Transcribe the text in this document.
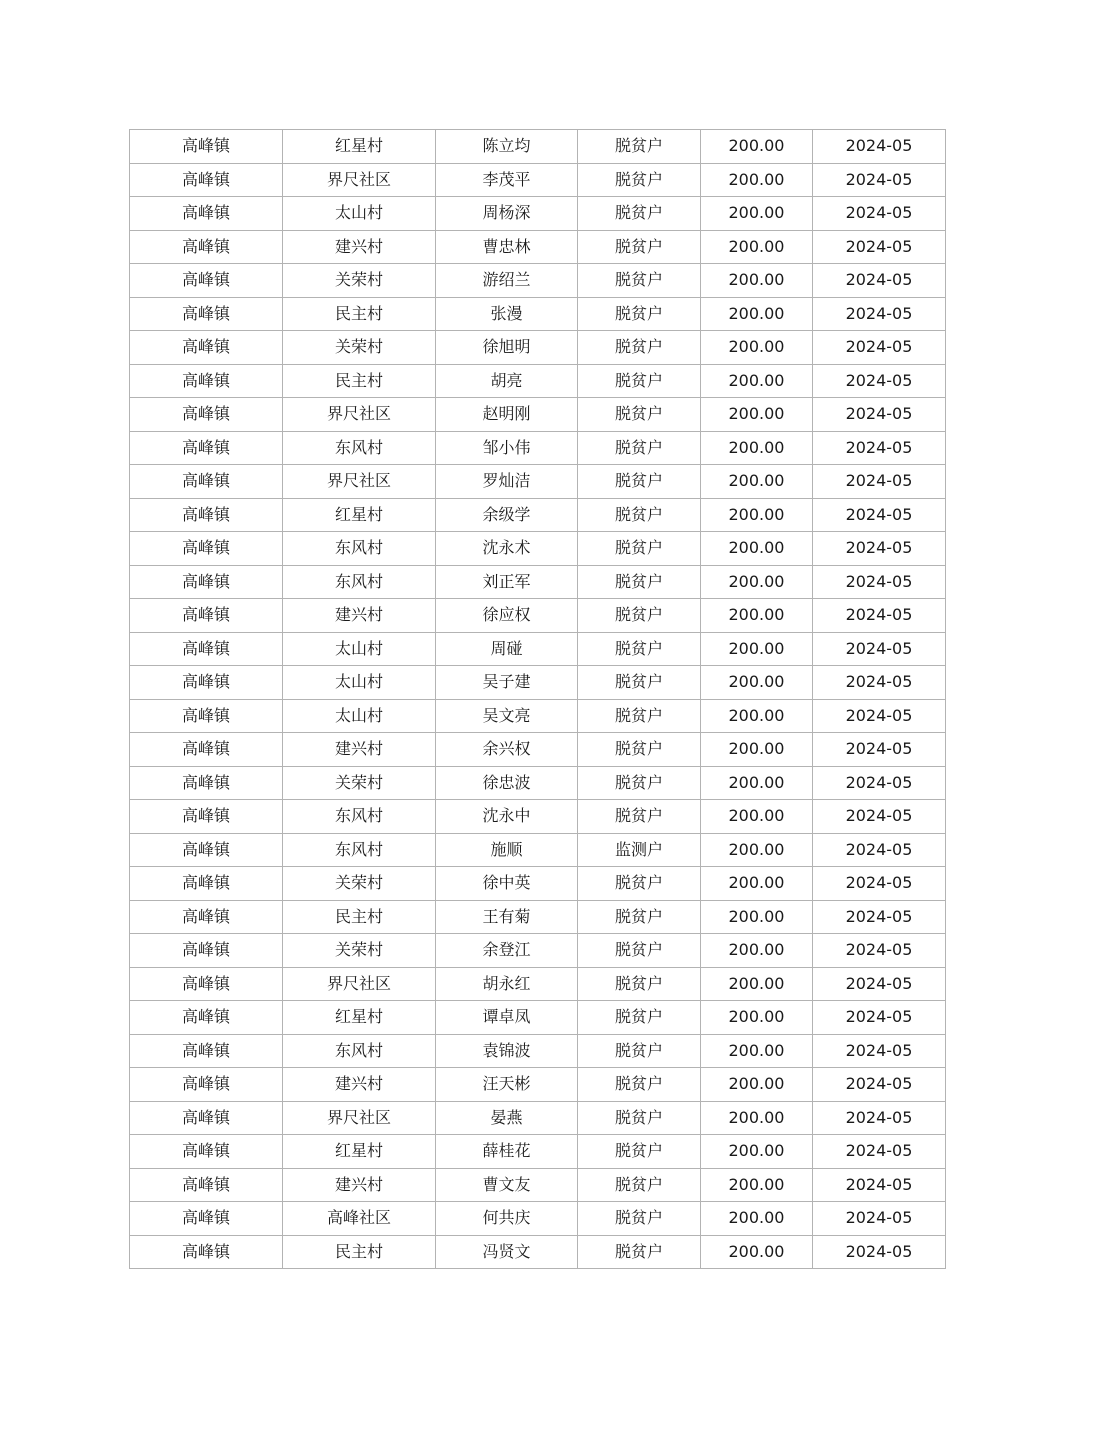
高峰镇	红星村	陈立均	脱贫户	200.00	2024-05
高峰镇	界尺社区	李茂平	脱贫户	200.00	2024-05
高峰镇	太山村	周杨深	脱贫户	200.00	2024-05
高峰镇	建兴村	曹忠林	脱贫户	200.00	2024-05
高峰镇	关荣村	游绍兰	脱贫户	200.00	2024-05
高峰镇	民主村	张漫	脱贫户	200.00	2024-05
高峰镇	关荣村	徐旭明	脱贫户	200.00	2024-05
高峰镇	民主村	胡亮	脱贫户	200.00	2024-05
高峰镇	界尺社区	赵明刚	脱贫户	200.00	2024-05
高峰镇	东风村	邹小伟	脱贫户	200.00	2024-05
高峰镇	界尺社区	罗灿洁	脱贫户	200.00	2024-05
高峰镇	红星村	余级学	脱贫户	200.00	2024-05
高峰镇	东风村	沈永术	脱贫户	200.00	2024-05
高峰镇	东风村	刘正军	脱贫户	200.00	2024-05
高峰镇	建兴村	徐应权	脱贫户	200.00	2024-05
高峰镇	太山村	周碰	脱贫户	200.00	2024-05
高峰镇	太山村	吴子建	脱贫户	200.00	2024-05
高峰镇	太山村	吴文亮	脱贫户	200.00	2024-05
高峰镇	建兴村	余兴权	脱贫户	200.00	2024-05
高峰镇	关荣村	徐忠波	脱贫户	200.00	2024-05
高峰镇	东风村	沈永中	脱贫户	200.00	2024-05
高峰镇	东风村	施顺	监测户	200.00	2024-05
高峰镇	关荣村	徐中英	脱贫户	200.00	2024-05
高峰镇	民主村	王有菊	脱贫户	200.00	2024-05
高峰镇	关荣村	余登江	脱贫户	200.00	2024-05
高峰镇	界尺社区	胡永红	脱贫户	200.00	2024-05
高峰镇	红星村	谭卓凤	脱贫户	200.00	2024-05
高峰镇	东风村	袁锦波	脱贫户	200.00	2024-05
高峰镇	建兴村	汪天彬	脱贫户	200.00	2024-05
高峰镇	界尺社区	晏燕	脱贫户	200.00	2024-05
高峰镇	红星村	薛桂花	脱贫户	200.00	2024-05
高峰镇	建兴村	曹文友	脱贫户	200.00	2024-05
高峰镇	高峰社区	何共庆	脱贫户	200.00	2024-05
高峰镇	民主村	冯贤文	脱贫户	200.00	2024-05
